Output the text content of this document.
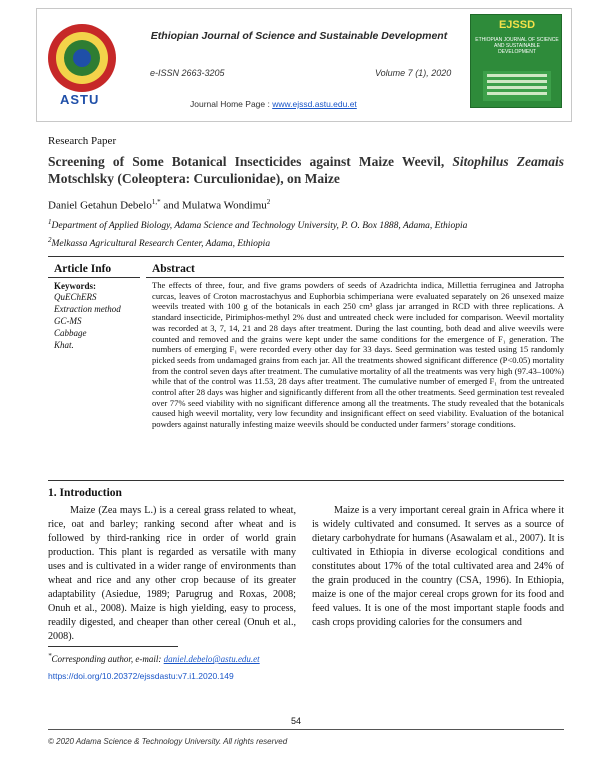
ASTU
Ethiopian Journal of Science and Sustainable Development
e-ISSN 2663-3205	Volume 7 (1), 2020
Journal Home Page : www.ejssd.astu.edu.et
EJSSD
ETHIOPIAN JOURNAL OF SCIENCE AND SUSTAINABLE DEVELOPMENT
Research Paper
Screening of Some Botanical Insecticides against Maize Weevil, Sitophilus Zeamais Motschlsky (Coleoptera: Curculionidae), on Maize
Daniel Getahun Debelo$^{1,*}$ and Mulatwa Wondimu$^2$
$^1$Department of Applied Biology, Adama Science and Technology University, P. O. Box 1888, Adama, Ethiopia
$^2$Melkassa Agricultural Research Center, Adama, Ethiopia
Article Info	Abstract
Keywords:
QuEChERS
Extraction method
GC-MS
Cabbage
Khat.
The effects of three, four, and five grams powders of seeds of Azadrichta indica, Millettia ferruginea and Jatropha curcas, leaves of Croton macrostachyus and Euphorbia schimperiana were evaluated separately on 26 unsexed maize weevils treated with 100 g of the botanicals in each 250 cm³ glass jar arranged in RCD with three replications. A standard insecticide, Pirimiphos-methyl 2% dust and untreated check were included for comparison. Weevil mortality was recorded at 3, 7, 14, 21 and 28 days after treatment. During the last counting, both dead and alive weevils were counted and removed and the grains were kept under the same conditions for the emergence of F₁ generation. The numbers of emerging F₁ were recorded every other day for 33 days. Seed germination was tested using 15 randomly picked seeds from undamaged grains from each jar. All the treatments showed significant difference (P<0.05) mortality from the control seven days after treatment. The cumulative mortality of all the treatments was very high (97.43–100%) while that of the control was 11.53, 28 days after treatment. The cumulative number of emerged F₁ from the untreated control after 28 days was higher and significantly different from all the other treatments. Seed germination test revealed over 77% seed viability with no significant difference among all the treatments. The study revealed that the botanicals caused high weevil mortality, very low fecundity and insignificant effect on seed viability. Evaluation of the botanical powders against naturally infesting maize weevils should be conducted under farmers’ storage conditions.
1. Introduction
Maize (Zea mays L.) is a cereal grass related to wheat, rice, oat and barley; ranking second after wheat and is followed by third-ranking rice in order of world grain production. This plant is regarded as versatile with many uses and is cultivated in a wider range of environments than wheat and rice and any other crop because of its greater adaptability (Asiedue, 1989; Parugrug and Roxas, 2008; Onuh et al., 2008). Maize is high yielding, easy to process, readily digested, and cheaper than other cereal (Onuh et al., 2008).
Maize is a very important cereal grain in Africa where it is widely cultivated and consumed. It serves as a source of dietary carbohydrate for humans (Asawalam et al., 2007). It is cultivated in Ethiopia in diverse ecological conditions and constitutes about 17% of the total cultivated area and 24% of the grain produced in the country (CSA, 1996). In Ethiopia, maize is one of the major cereal crops grown for its food and feed values. It is one of the most important staple foods and cash crops providing calories for the consumers and
*Corresponding author, e-mail: daniel.debelo@astu.edu.et
https://doi.org/10.20372/ejssdastu:v7.i1.2020.149
54
© 2020 Adama Science & Technology University. All rights reserved
